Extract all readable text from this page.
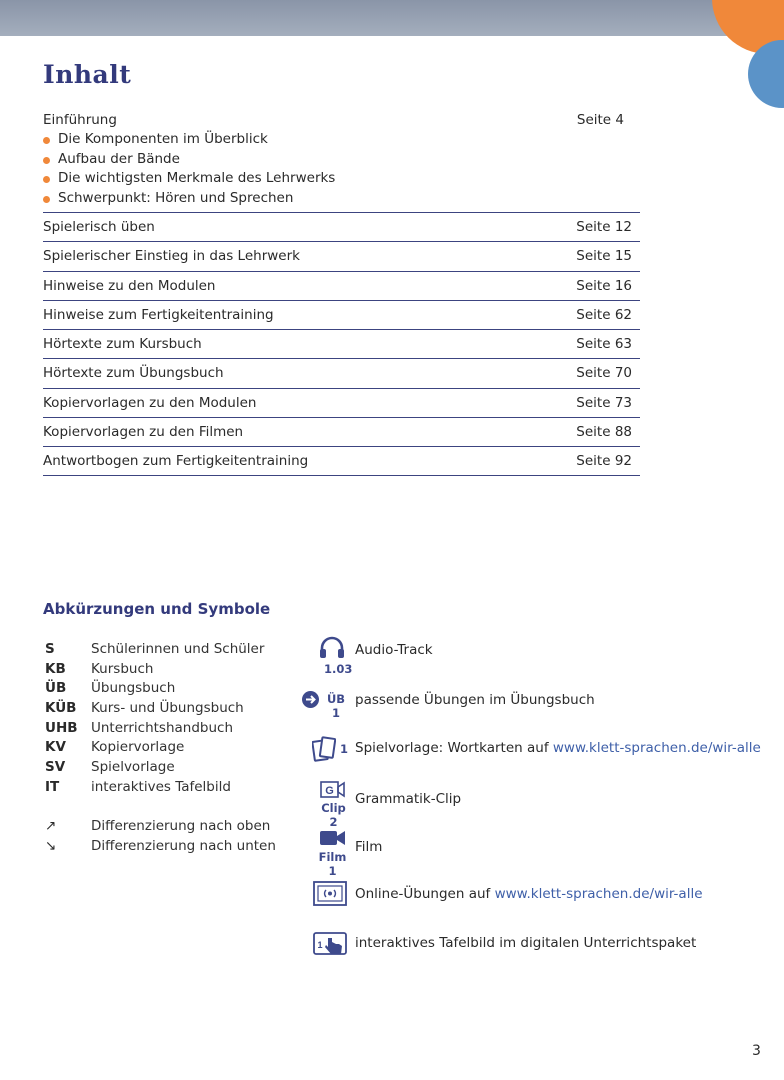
Inhalt
Einführung	Seite 4
Die Komponenten im Überblick
Aufbau der Bände
Die wichtigsten Merkmale des Lehrwerks
Schwerpunkt: Hören und Sprechen
Spielerisch üben	Seite 12
Spielerischer Einstieg in das Lehrwerk	Seite 15
Hinweise zu den Modulen	Seite 16
Hinweise zum Fertigkeitentraining	Seite 62
Hörtexte zum Kursbuch	Seite 63
Hörtexte zum Übungsbuch	Seite 70
Kopiervorlagen zu den Modulen	Seite 73
Kopiervorlagen zu den Filmen	Seite 88
Antwortbogen zum Fertigkeitentraining	Seite 92
Abkürzungen und Symbole
S	Schülerinnen und Schüler
KB Kursbuch
ÜB Übungsbuch
KÜB Kurs- und Übungsbuch
UHB Unterrichtshandbuch
KV Kopiervorlage
SV Spielvorlage
IT interaktives Tafelbild
↗	Differenzierung nach oben
↘	Differenzierung nach unten
1.03
Audio-Track
ÜB 1
passende Übungen im Übungsbuch
1 Spielvorlage: Wortkarten auf www.klett-sprachen.de/wir-alle
G
Clip 2
Grammatik-Clip
Film 1
Film
Online-Übungen auf www.klett-sprachen.de/wir-alle
1 interaktives Tafelbild im digitalen Unterrichtspaket
3
